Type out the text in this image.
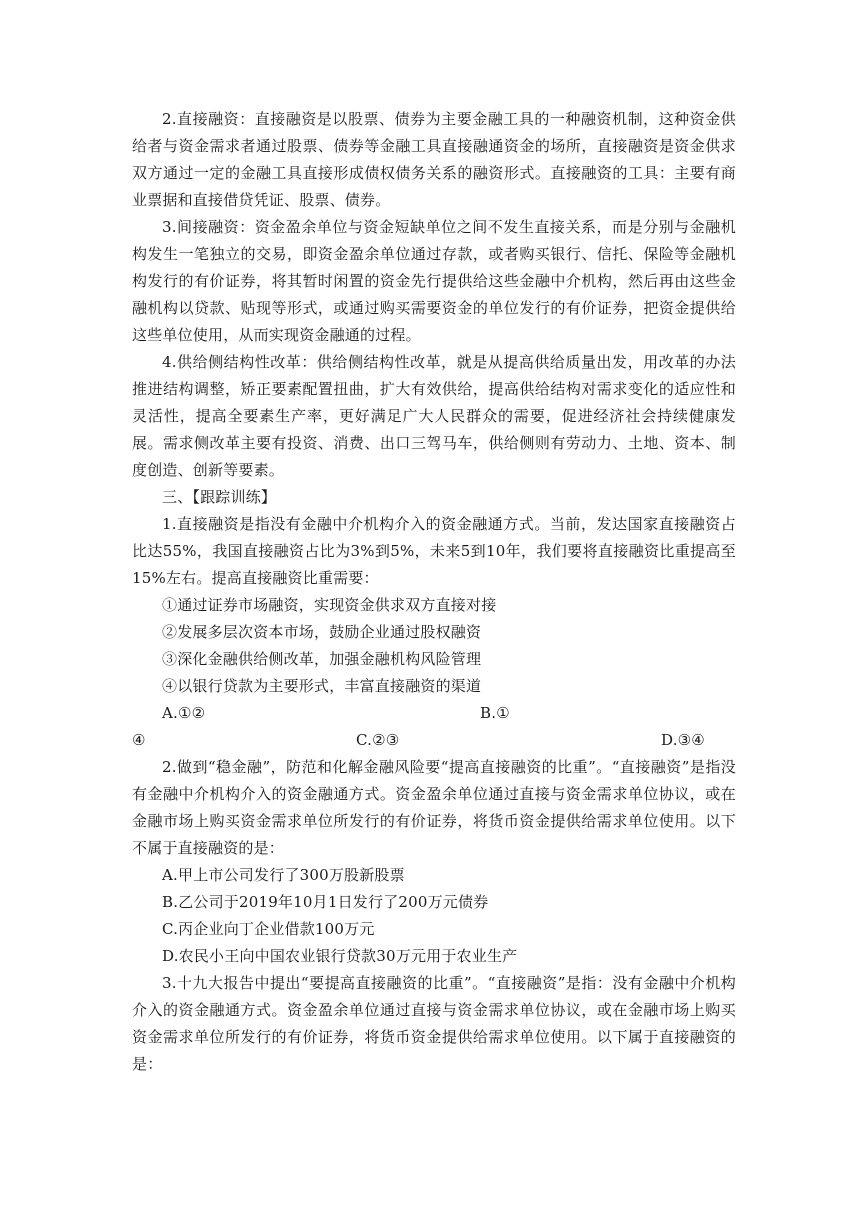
2.直接融资：直接融资是以股票、债券为主要金融工具的一种融资机制，这种资金供给者与资金需求者通过股票、债券等金融工具直接融通资金的场所，直接融资是资金供求双方通过一定的金融工具直接形成债权债务关系的融资形式。直接融资的工具：主要有商业票据和直接借贷凭证、股票、债券。

3.间接融资：资金盈余单位与资金短缺单位之间不发生直接关系，而是分别与金融机构发生一笔独立的交易，即资金盈余单位通过存款，或者购买银行、信托、保险等金融机构发行的有价证券，将其暂时闲置的资金先行提供给这些金融中介机构，然后再由这些金融机构以贷款、贴现等形式，或通过购买需要资金的单位发行的有价证券，把资金提供给这些单位使用，从而实现资金融通的过程。

4.供给侧结构性改革：供给侧结构性改革，就是从提高供给质量出发，用改革的办法推进结构调整，矫正要素配置扭曲，扩大有效供给，提高供给结构对需求变化的适应性和灵活性，提高全要素生产率，更好满足广大人民群众的需要，促进经济社会持续健康发展。需求侧改革主要有投资、消费、出口三驾马车，供给侧则有劳动力、土地、资本、制度创造、创新等要素。

三、【跟踪训练】

1.直接融资是指没有金融中介机构介入的资金融通方式。当前，发达国家直接融资占比达55%，我国直接融资占比为3%到5%，未来5到10年，我们要将直接融资比重提高至15%左右。提高直接融资比重需要：

①通过证券市场融资，实现资金供求双方直接对接

②发展多层次资本市场，鼓励企业通过股权融资

③深化金融供给侧改革，加强金融机构风险管理

④以银行贷款为主要形式，丰富直接融资的渠道

A.①②	B.①
④	C.②③	D.③④

2.做到“稳金融”，防范和化解金融风险要“提高直接融资的比重”。“直接融资”是指没有金融中介机构介入的资金融通方式。资金盈余单位通过直接与资金需求单位协议，或在金融市场上购买资金需求单位所发行的有价证券，将货币资金提供给需求单位使用。以下不属于直接融资的是：

A.甲上市公司发行了300万股新股票

B.乙公司于2019年10月1日发行了200万元债券

C.丙企业向丁企业借款100万元

D.农民小王向中国农业银行贷款30万元用于农业生产

3.十九大报告中提出“要提高直接融资的比重”。“直接融资”是指：没有金融中介机构介入的资金融通方式。资金盈余单位通过直接与资金需求单位协议，或在金融市场上购买资金需求单位所发行的有价证券，将货币资金提供给需求单位使用。以下属于直接融资的是：
